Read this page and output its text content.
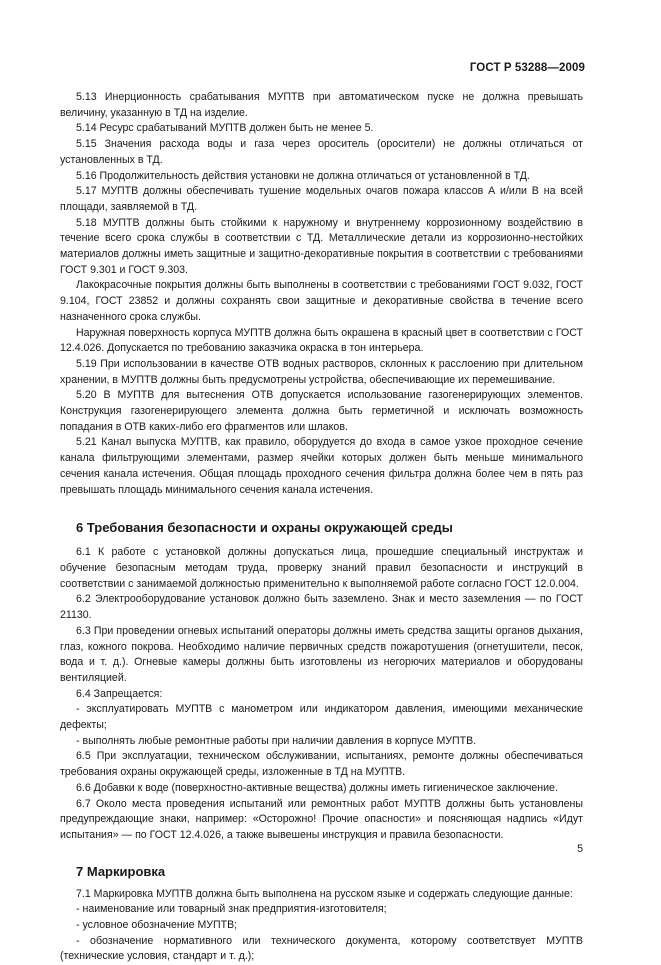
ГОСТ Р 53288—2009

5.13 Инерционность срабатывания МУПТВ при автоматическом пуске не должна превышать величину, указанную в ТД на изделие.

5.14 Ресурс срабатываний МУПТВ должен быть не менее 5.

5.15 Значения расхода воды и газа через ороситель (оросители) не должны отличаться от установленных в ТД.

5.16 Продолжительность действия установки не должна отличаться от установленной в ТД.

5.17 МУПТВ должны обеспечивать тушение модельных очагов пожара классов А и/или В на всей площади, заявляемой в ТД.

5.18 МУПТВ должны быть стойкими к наружному и внутреннему коррозионному воздействию в течение всего срока службы в соответствии с ТД. Металлические детали из коррозионно-нестойких материалов должны иметь защитные и защитно-декоративные покрытия в соответствии с требованиями ГОСТ 9.301 и ГОСТ 9.303.

Лакокрасочные покрытия должны быть выполнены в соответствии с требованиями ГОСТ 9.032, ГОСТ 9.104, ГОСТ 23852 и должны сохранять свои защитные и декоративные свойства в течение всего назначенного срока службы.

Наружная поверхность корпуса МУПТВ должна быть окрашена в красный цвет в соответствии с ГОСТ 12.4.026. Допускается по требованию заказчика окраска в тон интерьера.

5.19 При использовании в качестве ОТВ водных растворов, склонных к расслоению при длительном хранении, в МУПТВ должны быть предусмотрены устройства, обеспечивающие их перемешивание.

5.20 В МУПТВ для вытеснения ОТВ допускается использование газогенерирующих элементов. Конструкция газогенерирующего элемента должна быть герметичной и исключать возможность попадания в ОТВ каких-либо его фрагментов или шлаков.

5.21 Канал выпуска МУПТВ, как правило, оборудуется до входа в самое узкое проходное сечение канала фильтрующими элементами, размер ячейки которых должен быть меньше минимального сечения канала истечения. Общая площадь проходного сечения фильтра должна более чем в пять раз превышать площадь минимального сечения канала истечения.

6 Требования безопасности и охраны окружающей среды

6.1 К работе с установкой должны допускаться лица, прошедшие специальный инструктаж и обучение безопасным методам труда, проверку знаний правил безопасности и инструкций в соответствии с занимаемой должностью применительно к выполняемой работе согласно ГОСТ 12.0.004.

6.2 Электрооборудование установок должно быть заземлено. Знак и место заземления — по ГОСТ 21130.

6.3 При проведении огневых испытаний операторы должны иметь средства защиты органов дыхания, глаз, кожного покрова. Необходимо наличие первичных средств пожаротушения (огнетушители, песок, вода и т. д.). Огневые камеры должны быть изготовлены из негорючих материалов и оборудованы вентиляцией.

6.4 Запрещается:

- эксплуатировать МУПТВ с манометром или индикатором давления, имеющими механические дефекты;

- выполнять любые ремонтные работы при наличии давления в корпусе МУПТВ.

6.5 При эксплуатации, техническом обслуживании, испытаниях, ремонте должны обеспечиваться требования охраны окружающей среды, изложенные в ТД на МУПТВ.

6.6 Добавки к воде (поверхностно-активные вещества) должны иметь гигиеническое заключение.

6.7 Около места проведения испытаний или ремонтных работ МУПТВ должны быть установлены предупреждающие знаки, например: «Осторожно! Прочие опасности» и поясняющая надпись «Идут испытания» — по ГОСТ 12.4.026, а также вывешены инструкция и правила безопасности.

7 Маркировка

7.1 Маркировка МУПТВ должна быть выполнена на русском языке и содержать следующие данные:

- наименование или товарный знак предприятия-изготовителя;

- условное обозначение МУПТВ;

- обозначение нормативного или технического документа, которому соответствует МУПТВ (технические условия, стандарт и т. д.);

5
